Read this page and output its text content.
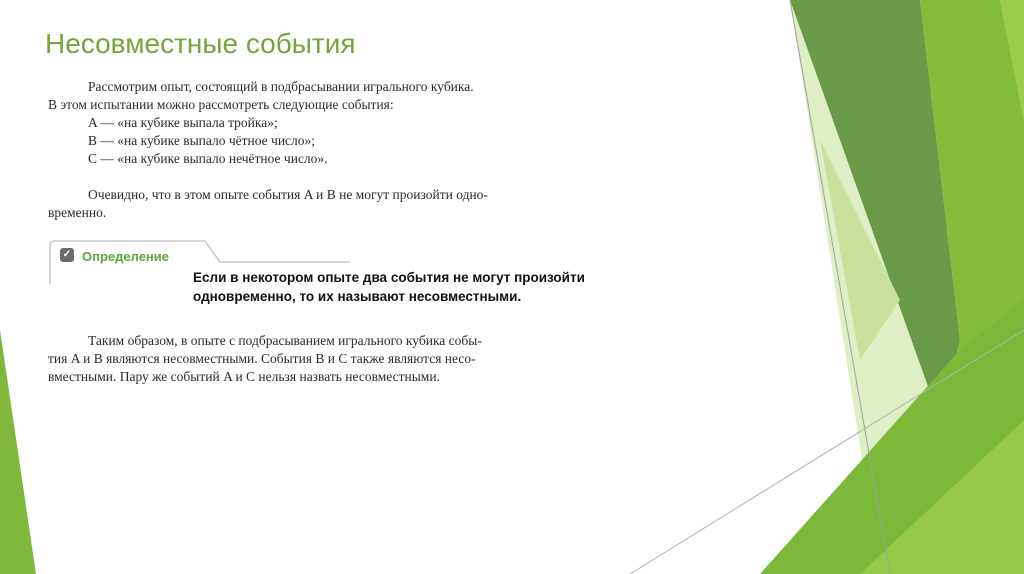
Несовместные события

Рассмотрим опыт, состоящий в подбрасывании игрального кубика.

В этом испытании можно рассмотреть следующие события:

A — «на кубике выпала тройка»;

B — «на кубике выпало чётное число»;

C — «на кубике выпало нечётное число».

Очевидно, что в этом опыте события A и B не могут произойти одно-

временно.

✓ Определение

Если в некотором опыте два события не могут произойти

одновременно, то их называют несовместными.

Таким образом, в опыте с подбрасыванием игрального кубика собы-

тия A и B являются несовместными. События B и C также являются несо-

вместными. Пару же событий A и C нельзя назвать несовместными.
